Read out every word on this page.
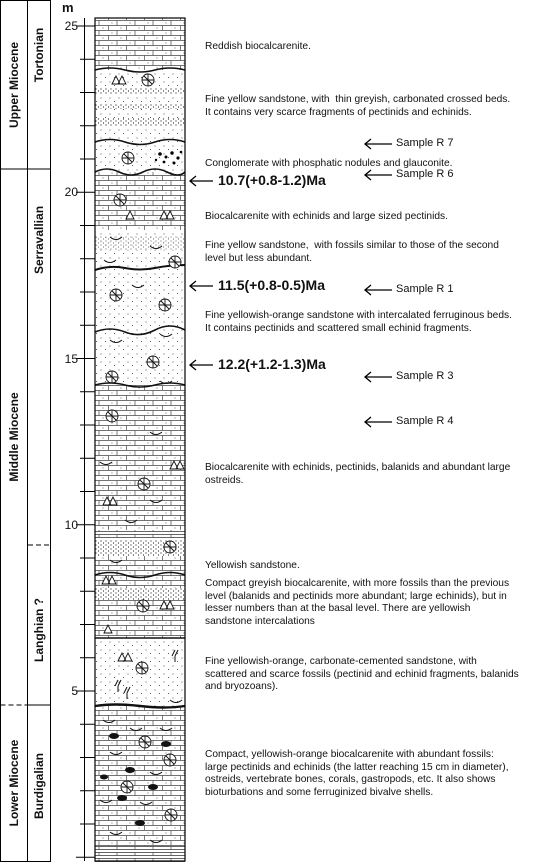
m
25
20
15
10
5
Upper Miocene
Middle Miocene
Lower Miocene
Tortonian
Serravallian
Langhian ?
Burdigalian
Reddish biocalcarenite.
Fine yellow sandstone, with  thin greyish, carbonated crossed beds.
It contains very scarce fragments of pectinids and echinids.
Conglomerate with phosphatic nodules and glauconite.
Biocalcarenite with echinids and large sized pectinids.
Fine yellow sandstone,  with fossils similar to those of the second
level but less abundant.
Fine yellowish-orange sandstone with intercalated ferruginous beds.
It contains pectinids and scattered small echinid fragments.
Biocalcarenite with echinids, pectinids, balanids and abundant large
ostreids.
Yellowish sandstone.
Compact greyish biocalcarenite, with more fossils than the previous
level (balanids and pectinids more abundant; large echinids), but in
lesser numbers than at the basal level. There are yellowish
sandstone intercalations
Fine yellowish-orange, carbonate-cemented sandstone, with
scattered and scarce fossils (pectinid and echinid fragments, balanids
and bryozoans).
Compact, yellowish-orange biocalcarenite with abundant fossils:
large pectinids and echinids (the latter reaching 15 cm in diameter),
ostreids, vertebrate bones, corals, gastropods, etc. It also shows
bioturbations and some ferruginized bivalve shells.
10.7(+0.8-1.2)Ma
11.5(+0.8-0.5)Ma
12.2(+1.2-1.3)Ma
Sample R 7
Sample R 6
Sample R 1
Sample R 3
Sample R 4
